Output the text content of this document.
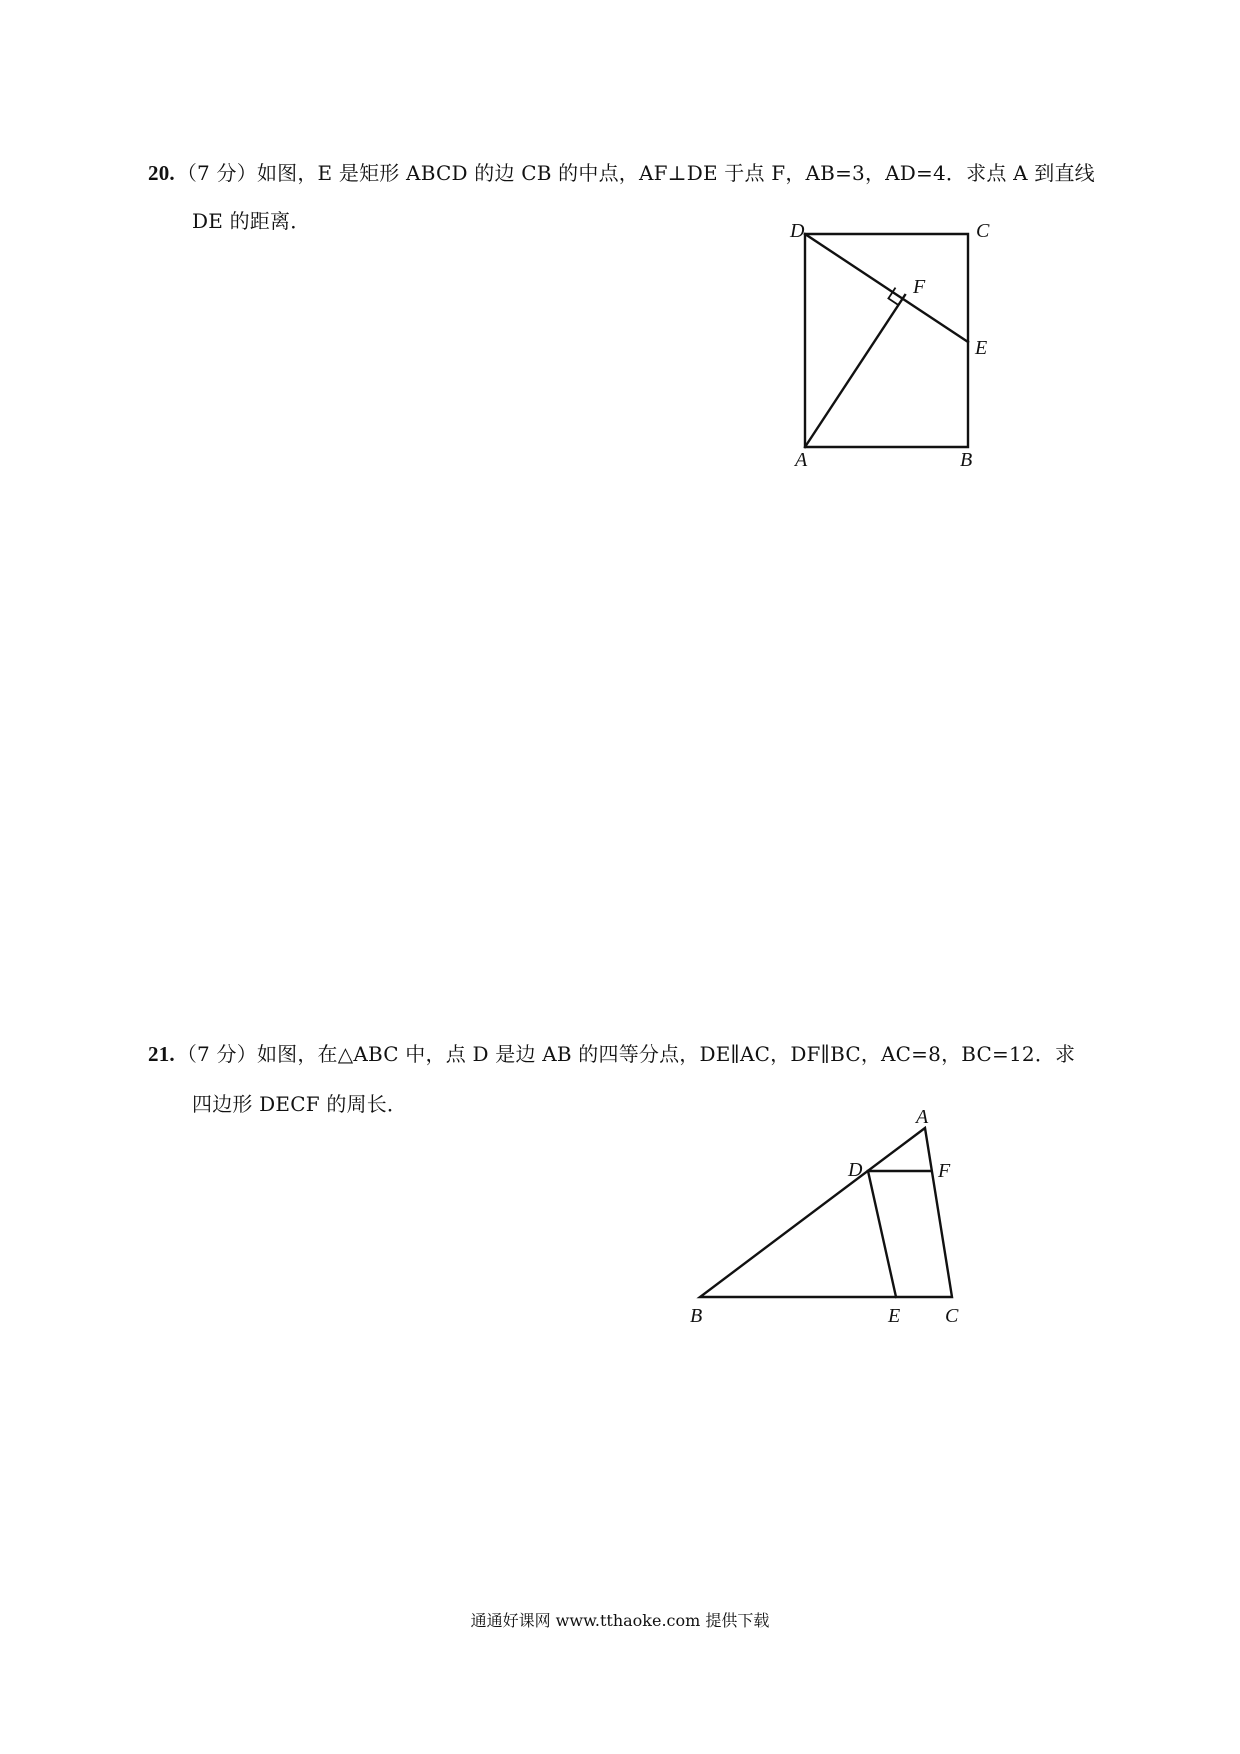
20. （7 分）如图，E 是矩形 ABCD 的边 CB 的中点，AF⊥DE 于点 F，AB=3，AD=4．求点 A 到直线
DE 的距离．	D	C
F
E
A	B
21. （7 分）如图，在△ABC 中，点 D 是边 AB 的四等分点，DE∥AC，DF∥BC，AC=8，BC=12．求
四边形 DECF 的周长．
A
D	F
B	E C
通通好课网 www.tthaoke.com 提供下载
